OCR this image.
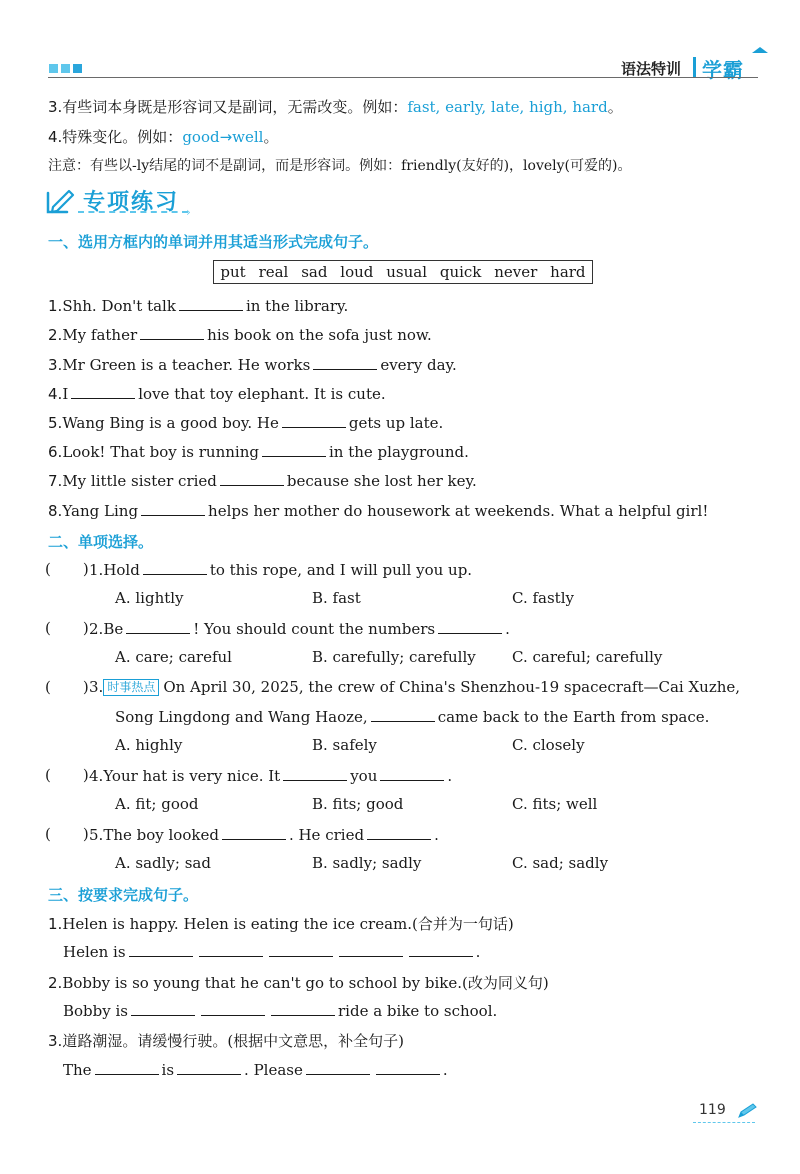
语法特训 学霸
3.有些词本身既是形容词又是副词，无需改变。例如：fast, early, late, high, hard。
4.特殊变化。例如：good→well。
注意：有些以-ly结尾的词不是副词，而是形容词。例如：friendly(友好的)，lovely(可爱的)。
专项练习 ›
一、选用方框内的单词并用其适当形式完成句子。
put real sad loud usual quick never hard
1.Shh. Don't talk	in the library.
2.My father	his book on the sofa just now.
3.Mr Green is a teacher. He works	every day.
4.I	love that toy elephant. It is cute.
5.Wang Bing is a good boy. He	gets up late.
6.Look! That boy is running	in the playground.
7.My little sister cried	because she lost her key.
8.Yang Ling	helps her mother do housework at weekends. What a helpful girl!
二、单项选择。
( ) 1.Hold	to this rope, and I will pull you up.
A. lightly	B. fast	C. fastly
( ) 2.Be	! You should count the numbers	.
A. care; careful	B. carefully; carefully C. careful; carefully
( ) 3. 时事热点 On April 30, 2025, the crew of China's Shenzhou-19 spacecraft—Cai Xuzhe,
Song Lingdong and Wang Haoze,	came back to the Earth from space.
A. highly	B. safely	C. closely
( ) 4.Your hat is very nice. It	you	.
A. fit; good	B. fits; good	C. fits; well
( ) 5.The boy looked	. He cried	.
A. sadly; sad	B. sadly; sadly	C. sad; sadly
三、按要求完成句子。
1.Helen is happy. Helen is eating the ice cream.(合并为一句话)
Helen is	.
2.Bobby is so young that he can't go to school by bike.(改为同义句)
Bobby is	ride a bike to school.
3.道路潮湿。请缓慢行驶。(根据中文意思，补全句子)
The	is	. Please	.
119
